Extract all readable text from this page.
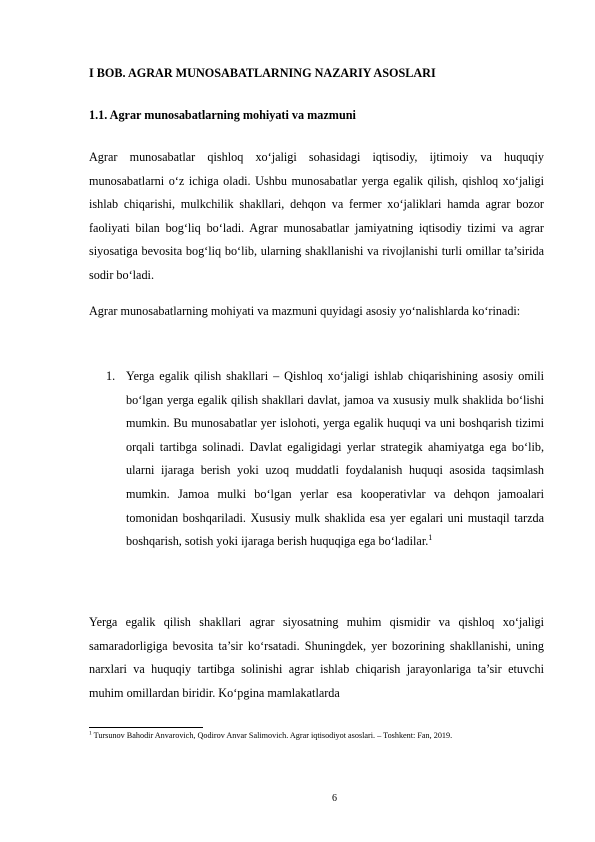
I BOB. AGRAR MUNOSABATLARNING NAZARIY ASOSLARI
1.1. Agrar munosabatlarning mohiyati va mazmuni

Agrar munosabatlar qishloq xo‘jaligi sohasidagi iqtisodiy, ijtimoiy va huquqiy munosabatlarni o‘z ichiga oladi. Ushbu munosabatlar yerga egalik qilish, qishloq xo‘jaligi ishlab chiqarishi, mulkchilik shakllari, dehqon va fermer xo‘jaliklari hamda agrar bozor faoliyati bilan bog‘liq bo‘ladi. Agrar munosabatlar jamiyatning iqtisodiy tizimi va agrar siyosatiga bevosita bog‘liq bo‘lib, ularning shakllanishi va rivojlanishi turli omillar ta’sirida sodir bo‘ladi.

Agrar munosabatlarning mohiyati va mazmuni quyidagi asosiy yo‘nalishlarda ko‘rinadi:

1. Yerga egalik qilish shakllari – Qishloq xo‘jaligi ishlab chiqarishining asosiy omili bo‘lgan yerga egalik qilish shakllari davlat, jamoa va xususiy mulk shaklida bo‘lishi mumkin. Bu munosabatlar yer islohoti, yerga egalik huquqi va uni boshqarish tizimi orqali tartibga solinadi. Davlat egaligidagi yerlar strategik ahamiyatga ega bo‘lib, ularni ijaraga berish yoki uzoq muddatli foydalanish huquqi asosida taqsimlash mumkin. Jamoa mulki bo‘lgan yerlar esa kooperativlar va dehqon jamoalari tomonidan boshqariladi. Xususiy mulk shaklida esa yer egalari uni mustaqil tarzda boshqarish, sotish yoki ijaraga berish huquqiga ega bo‘ladilar.$^1$

Yerga egalik qilish shakllari agrar siyosatning muhim qismidir va qishloq xo‘jaligi samaradorligiga bevosita ta’sir ko‘rsatadi. Shuningdek, yer bozorining shakllanishi, uning narxlari va huquqiy tartibga solinishi agrar ishlab chiqarish jarayonlariga ta’sir etuvchi muhim omillardan biridir. Ko‘pgina mamlakatlarda

$^1$ Tursunov Bahodir Anvarovich, Qodirov Anvar Salimovich. Agrar iqtisodiyot asoslari. – Toshkent: Fan, 2019.
6
